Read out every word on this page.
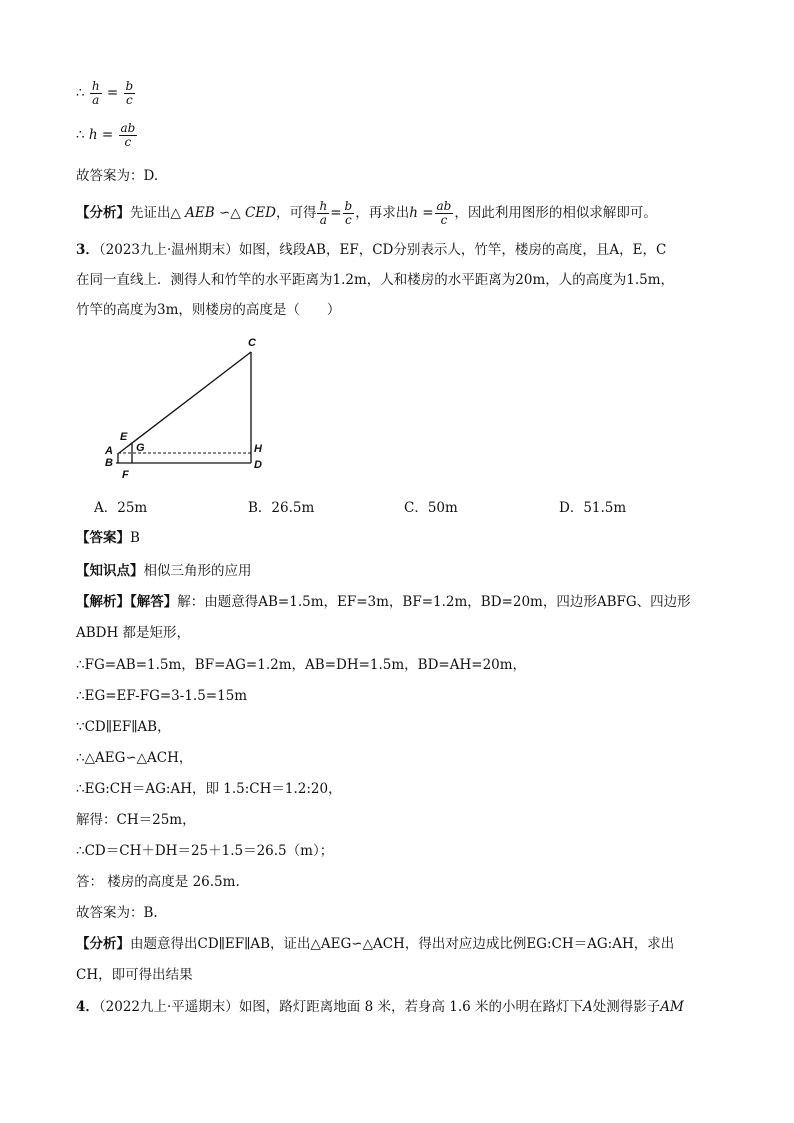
∴ $\frac{h}{a} = \frac{b}{c}$
∴ $h = \frac{ab}{c}$
故答案为：D.
【分析】先证出△ AEB ∽△ CED，可得 $\frac{h}{a} = \frac{b}{c}$ ，再求出$h = \frac{ab}{c}$ ，因此利用图形的相似求解即可。
3．（2023九上·温州期末）如图，线段AB，EF，CD分别表示人，竹竿，楼房的高度，且A，E，C
在同一直线上．测得人和竹竿的水平距离为1.2m，人和楼房的水平距离为20m，人的高度为1.5m，
竹竿的高度为3m，则楼房的高度是（　　）
C
E
G
A
B
F
H
D
A．25m	B．26.5m	C．50m	D．51.5m
【答案】B
【知识点】相似三角形的应用
【解析】【解答】解：由题意得AB=1.5m，EF=3m，BF=1.2m，BD=20m，四边形ABFG、四边形
ABDH 都是矩形，
∴FG=AB=1.5m，BF=AG=1.2m，AB=DH=1.5m，BD=AH=20m，
∴EG=EF-FG=3-1.5=15m
∵CD∥EF∥AB，
∴△AEG∽△ACH，
∴EG:CH＝AG:AH，即 1.5:CH＝1.2:20，
解得：CH＝25m，
∴CD＝CH＋DH＝25＋1.5＝26.5（m）；
答： 楼房的高度是 26.5m.
故答案为：B.
【分析】由题意得出CD∥EF∥AB，证出△AEG∽△ACH，得出对应边成比例EG:CH＝AG:AH，求出
CH，即可得出结果
4．（2022九上·平遥期末）如图，路灯距离地面 8 米，若身高 1.6 米的小明在路灯下A处测得影子AM
